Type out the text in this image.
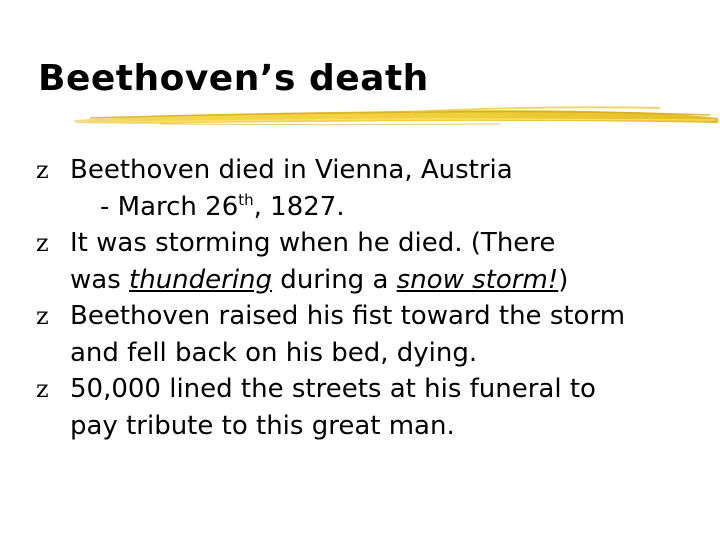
Beethoven’s death
z Beethoven died in Vienna, Austria
- March 26th, 1827.
z It was storming when he died. (There
was thundering during a snow storm!)
z Beethoven raised his fist toward the storm
and fell back on his bed, dying.
z 50,000 lined the streets at his funeral to
pay tribute to this great man.
